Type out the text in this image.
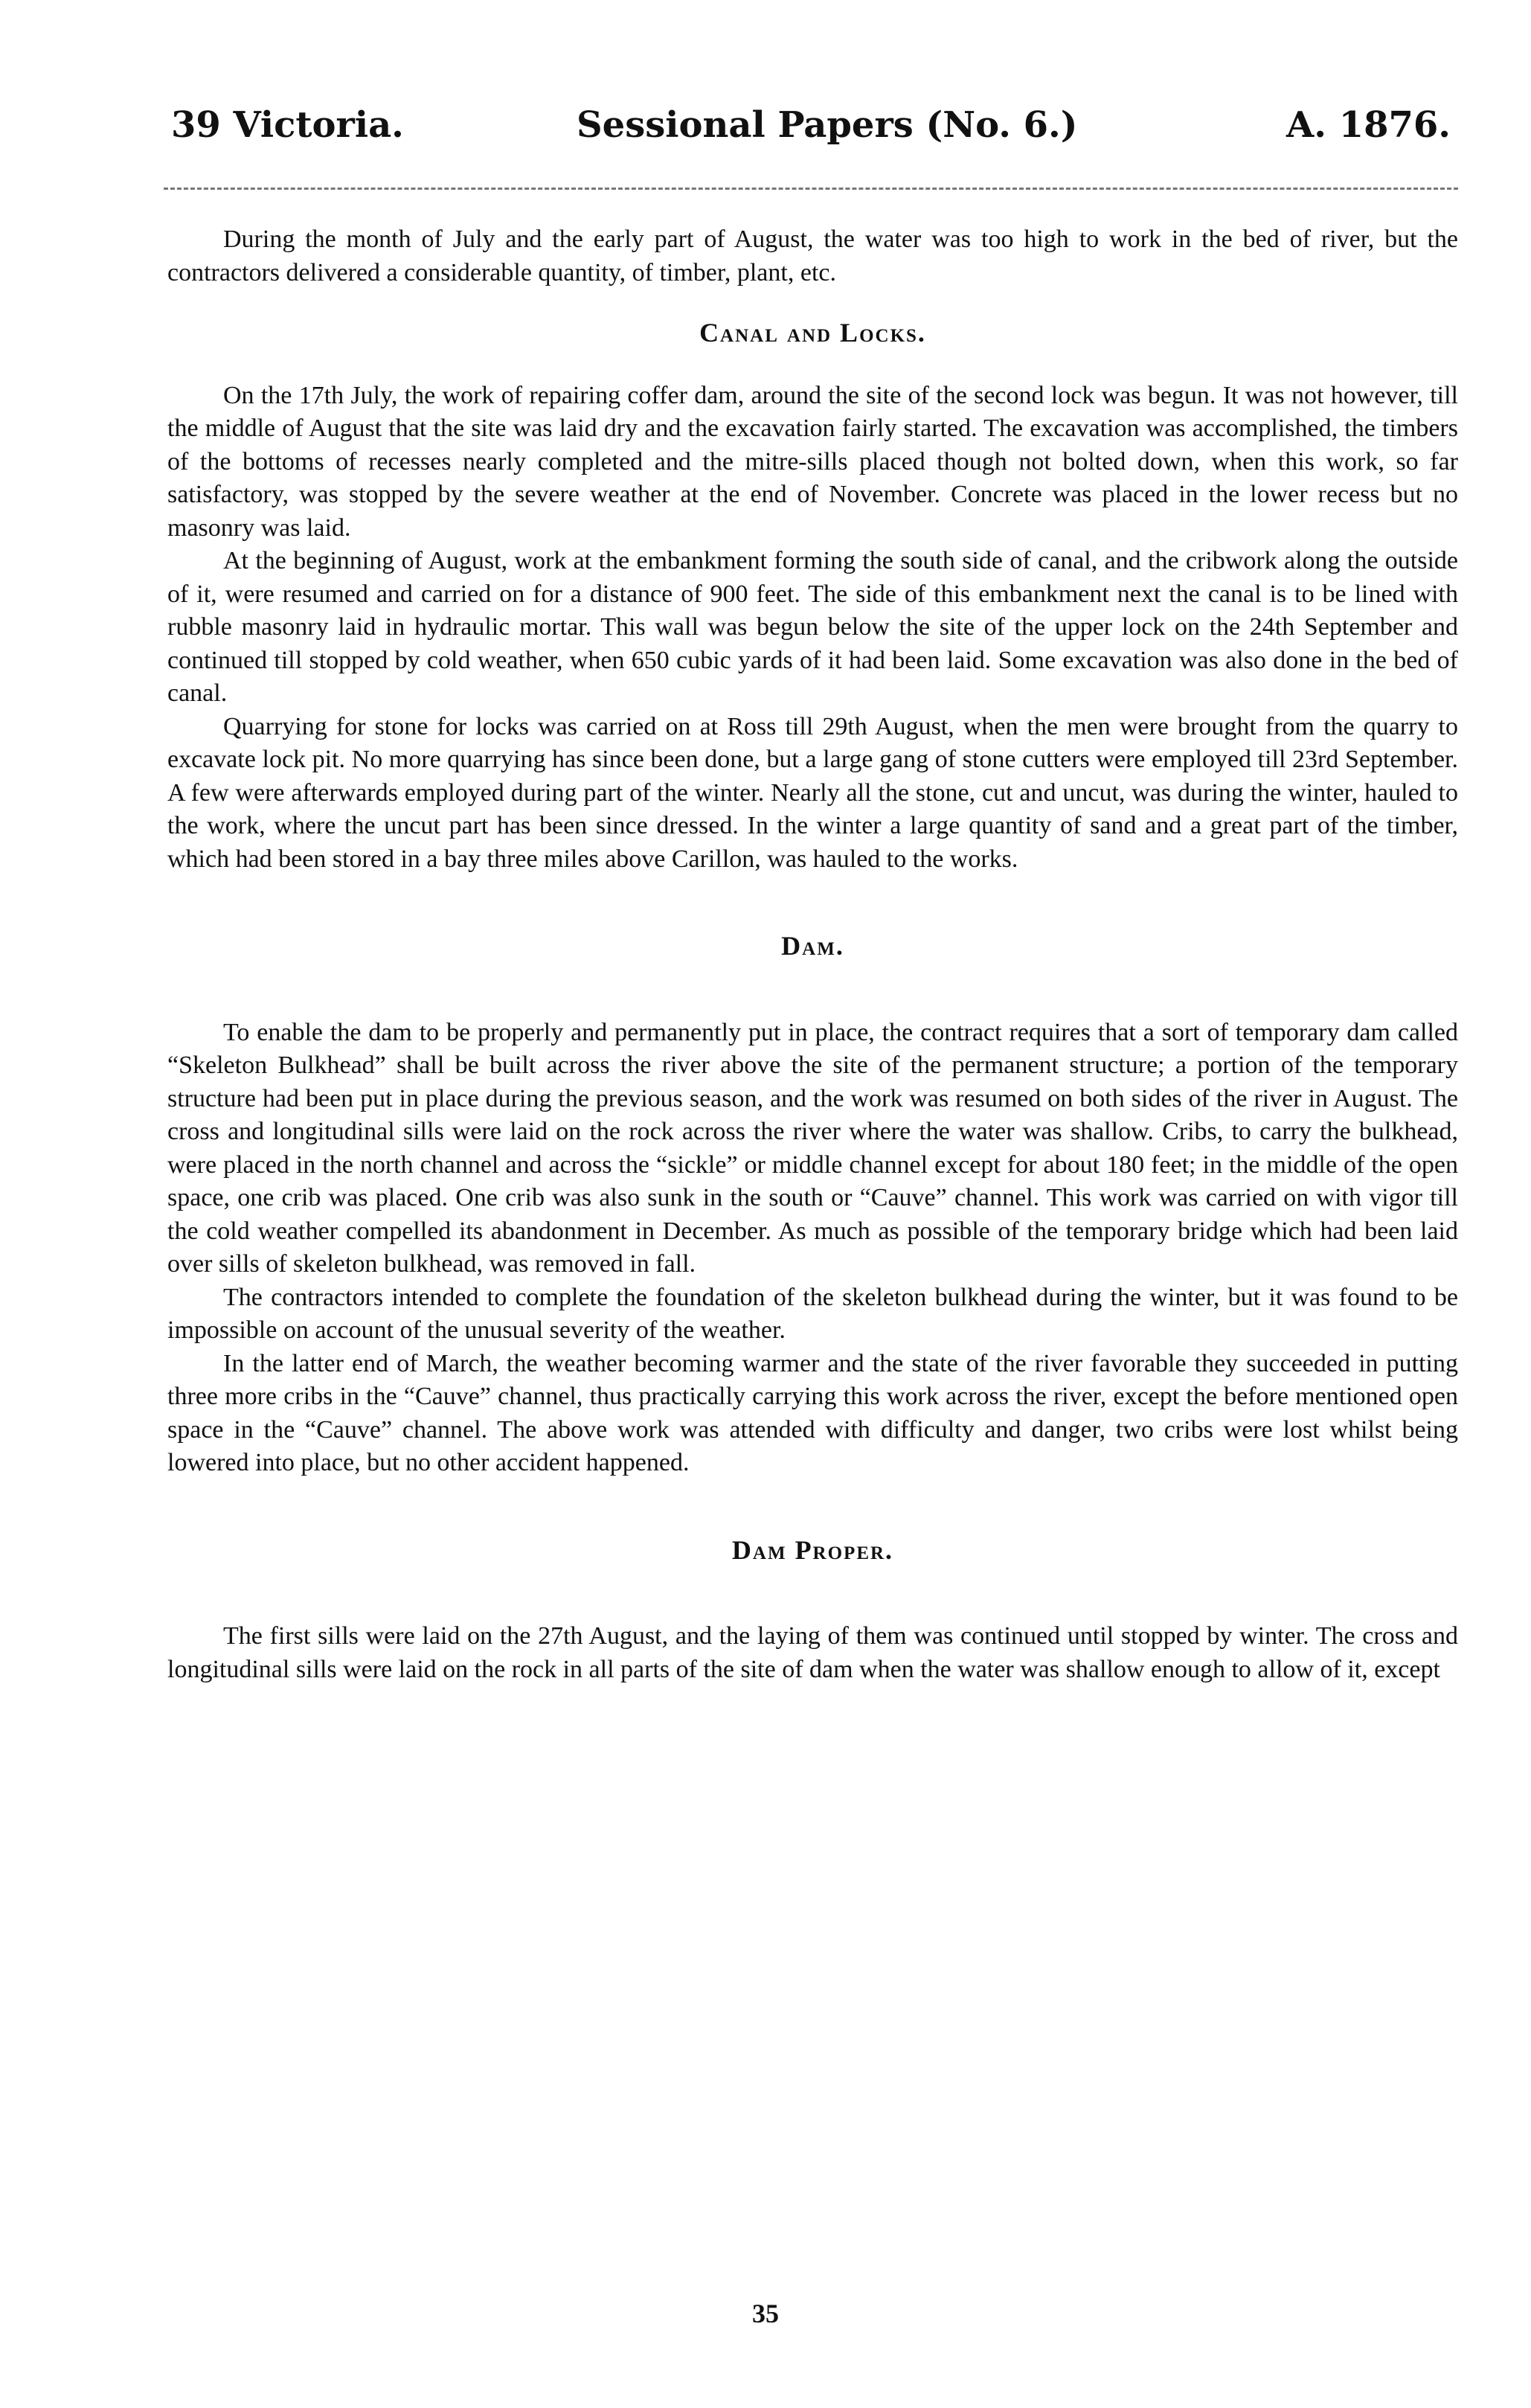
39 Victoria.	Sessional Papers (No. 6.)	A. 1876.

During the month of July and the early part of August, the water was too high to work in the bed of river, but the contractors delivered a considerable quantity, of timber, plant, etc.

Canal and Locks.

On the 17th July, the work of repairing coffer dam, around the site of the second lock was begun. It was not however, till the middle of August that the site was laid dry and the excavation fairly started. The excavation was accomplished, the timbers of the bottoms of recesses nearly completed and the mitre-sills placed though not bolted down, when this work, so far satisfactory, was stopped by the severe weather at the end of November. Concrete was placed in the lower recess but no masonry was laid.

At the beginning of August, work at the embankment forming the south side of canal, and the cribwork along the outside of it, were resumed and carried on for a distance of 900 feet. The side of this embankment next the canal is to be lined with rubble masonry laid in hydraulic mortar. This wall was begun below the site of the upper lock on the 24th September and continued till stopped by cold weather, when 650 cubic yards of it had been laid. Some excavation was also done in the bed of canal.

Quarrying for stone for locks was carried on at Ross till 29th August, when the men were brought from the quarry to excavate lock pit. No more quarrying has since been done, but a large gang of stone cutters were employed till 23rd September. A few were afterwards employed during part of the winter. Nearly all the stone, cut and uncut, was during the winter, hauled to the work, where the uncut part has been since dressed. In the winter a large quantity of sand and a great part of the timber, which had been stored in a bay three miles above Carillon, was hauled to the works.

Dam.

To enable the dam to be properly and permanently put in place, the contract requires that a sort of temporary dam called “Skeleton Bulkhead” shall be built across the river above the site of the permanent structure; a portion of the temporary structure had been put in place during the previous season, and the work was resumed on both sides of the river in August. The cross and longitudinal sills were laid on the rock across the river where the water was shallow. Cribs, to carry the bulkhead, were placed in the north channel and across the “sickle” or middle channel except for about 180 feet; in the middle of the open space, one crib was placed. One crib was also sunk in the south or “Cauve” channel. This work was carried on with vigor till the cold weather compelled its abandonment in December. As much as possible of the temporary bridge which had been laid over sills of skeleton bulkhead, was removed in fall.

The contractors intended to complete the foundation of the skeleton bulkhead during the winter, but it was found to be impossible on account of the unusual severity of the weather.

In the latter end of March, the weather becoming warmer and the state of the river favorable they succeeded in putting three more cribs in the “Cauve” channel, thus practically carrying this work across the river, except the before mentioned open space in the “Cauve” channel. The above work was attended with difficulty and danger, two cribs were lost whilst being lowered into place, but no other accident happened.

Dam Proper.

The first sills were laid on the 27th August, and the laying of them was continued until stopped by winter. The cross and longitudinal sills were laid on the rock in all parts of the site of dam when the water was shallow enough to allow of it, except

35
